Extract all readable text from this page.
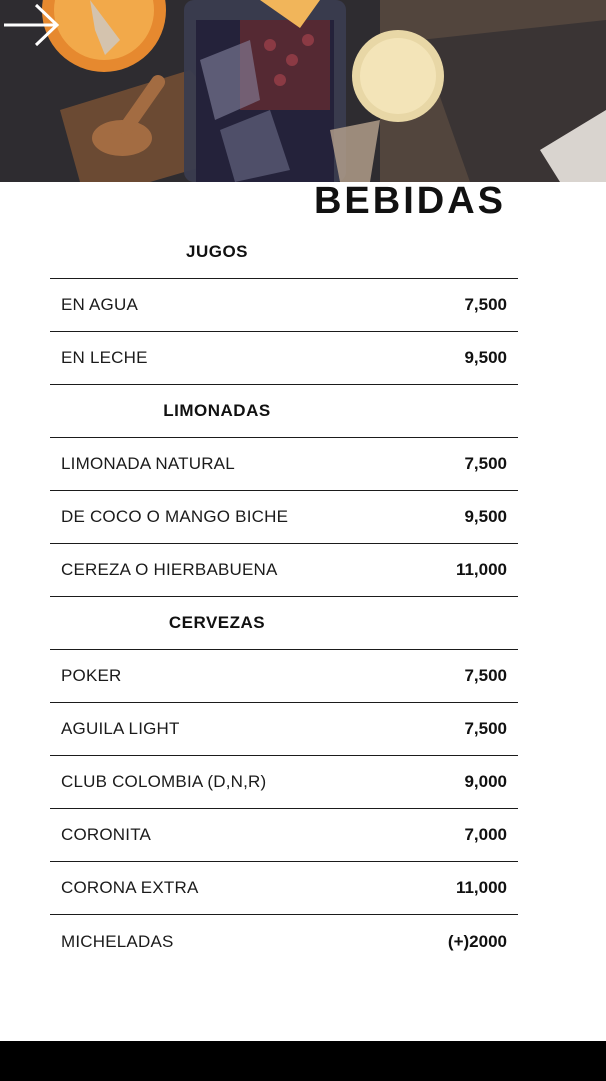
BEBIDAS
JUGOS
EN AGUA	7,500
EN LECHE	9,500
LIMONADAS
LIMONADA NATURAL	7,500
DE COCO O MANGO BICHE	9,500
CEREZA O HIERBABUENA	11,000
CERVEZAS
POKER	7,500
AGUILA LIGHT	7,500
CLUB COLOMBIA (D,N,R)	9,000
CORONITA	7,000
CORONA EXTRA	11,000
MICHELADAS	(+)2000
